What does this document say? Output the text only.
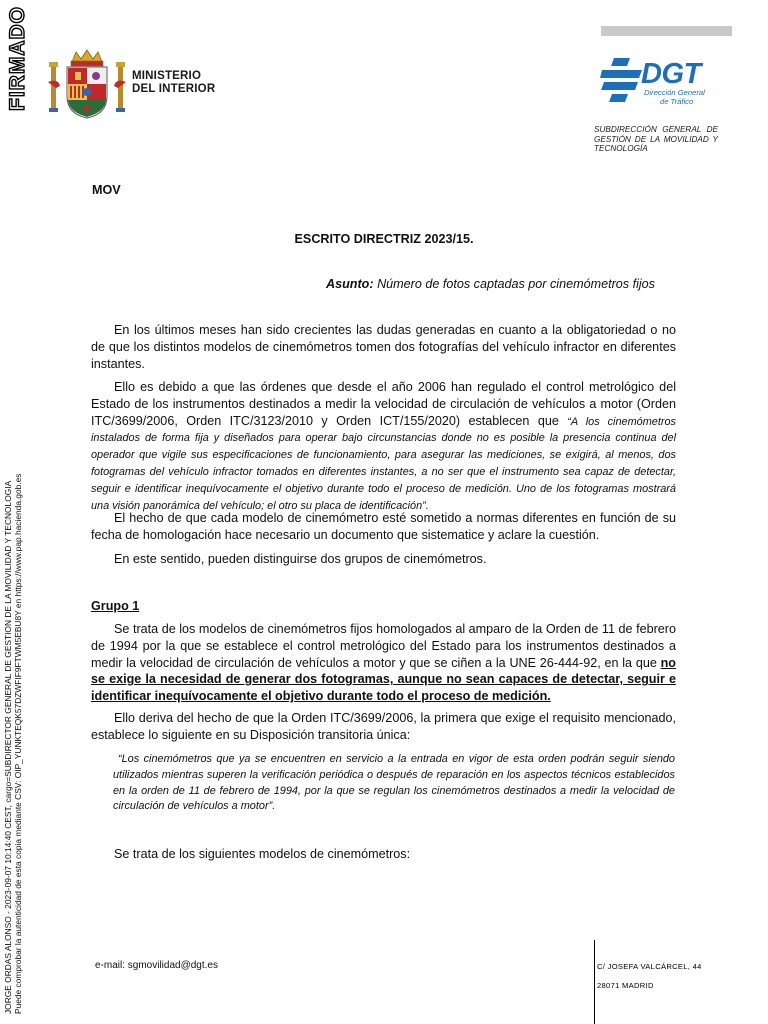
FIRMADO
JORGE ORDAS ALONSO - 2023-09-07 10:14:40 CEST, cargo=SUBDIRECTOR GENERAL DE GESTION DE LA MOVILIDAD Y TECNOLOGIA Puede comprobar la autenticidad de esta copia mediante CSV: OIP_YUNKTEQK57DZWFIF9FTWM5EBU8Y en https://www.pap.hacienda.gob.es
MINISTERIO
DEL INTERIOR	DGT
Dirección General
de Tráfico
SUBDIRECCIÓN GENERAL DE GESTIÓN DE LA MOVILIDAD Y TECNOLOGÍA
MOV
ESCRITO DIRECTRIZ 2023/15.
Asunto: Número de fotos captadas por cinemómetros fijos

En los últimos meses han sido crecientes las dudas generadas en cuanto a la obligatoriedad o no de que los distintos modelos de cinemómetros tomen dos fotografías del vehículo infractor en diferentes instantes.

Ello es debido a que las órdenes que desde el año 2006 han regulado el control metrológico del Estado de los instrumentos destinados a medir la velocidad de circulación de vehículos a motor (Orden ITC/3699/2006, Orden ITC/3123/2010 y Orden ICT/155/2020) establecen que “A los cinemómetros instalados de forma fija y diseñados para operar bajo circunstancias donde no es posible la presencia continua del operador que vigile sus especificaciones de funcionamiento, para asegurar las mediciones, se exigirá, al menos, dos fotogramas del vehículo infractor tomados en diferentes instantes, a no ser que el instrumento sea capaz de detectar, seguir e identificar inequívocamente el objetivo durante todo el proceso de medición. Uno de los fotogramas mostrará una visión panorámica del vehículo; el otro su placa de identificación”.

El hecho de que cada modelo de cinemómetro esté sometido a normas diferentes en función de su fecha de homologación hace necesario un documento que sistematice y aclare la cuestión.

En este sentido, pueden distinguirse dos grupos de cinemómetros.

Grupo 1

Se trata de los modelos de cinemómetros fijos homologados al amparo de la Orden de 11 de febrero de 1994 por la que se establece el control metrológico del Estado para los instrumentos destinados a medir la velocidad de circulación de vehículos a motor y que se ciñen a la UNE 26-444-92, en la que no se exige la necesidad de generar dos fotogramas, aunque no sean capaces de detectar, seguir e identificar inequívocamente el objetivo durante todo el proceso de medición.

Ello deriva del hecho de que la Orden ITC/3699/2006, la primera que exige el requisito mencionado, establece lo siguiente en su Disposición transitoria única:

“Los cinemómetros que ya se encuentren en servicio a la entrada en vigor de esta orden podrán seguir siendo utilizados mientras superen la verificación periódica o después de reparación en los aspectos técnicos establecidos en la orden de 11 de febrero de 1994, por la que se regulan los cinemómetros destinados a medir la velocidad de circulación de vehículos a motor”.

Se trata de los siguientes modelos de cinemómetros:

e-mail: sgmovilidad@dgt.es	C/ JOSEFA VALCÁRCEL, 44
28071 MADRID
